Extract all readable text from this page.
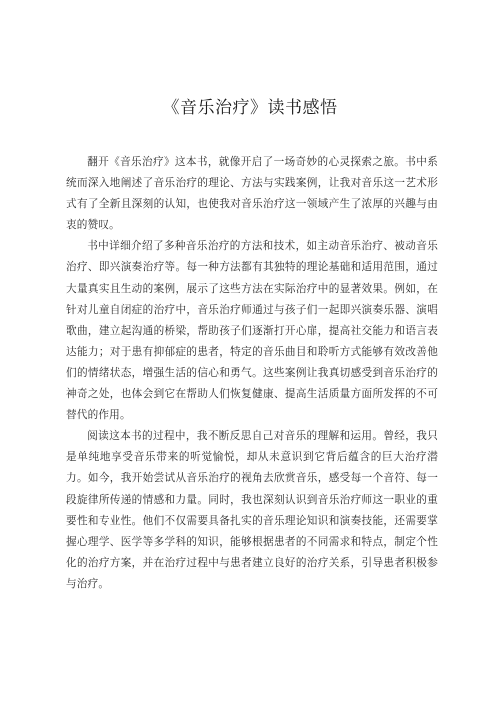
《音乐治疗》读书感悟

翻开《音乐治疗》这本书，就像开启了一场奇妙的心灵探索之旅。书中系统而深入地阐述了音乐治疗的理论、方法与实践案例，让我对音乐这一艺术形式有了全新且深刻的认知，也使我对音乐治疗这一领域产生了浓厚的兴趣与由衷的赞叹。

书中详细介绍了多种音乐治疗的方法和技术，如主动音乐治疗、被动音乐治疗、即兴演奏治疗等。每一种方法都有其独特的理论基础和适用范围，通过大量真实且生动的案例，展示了这些方法在实际治疗中的显著效果。例如，在针对儿童自闭症的治疗中，音乐治疗师通过与孩子们一起即兴演奏乐器、演唱歌曲，建立起沟通的桥梁，帮助孩子们逐渐打开心扉，提高社交能力和语言表达能力；对于患有抑郁症的患者，特定的音乐曲目和聆听方式能够有效改善他们的情绪状态，增强生活的信心和勇气。这些案例让我真切感受到音乐治疗的神奇之处，也体会到它在帮助人们恢复健康、提高生活质量方面所发挥的不可替代的作用。

阅读这本书的过程中，我不断反思自己对音乐的理解和运用。曾经，我只是单纯地享受音乐带来的听觉愉悦，却从未意识到它背后蕴含的巨大治疗潜力。如今，我开始尝试从音乐治疗的视角去欣赏音乐，感受每一个音符、每一段旋律所传递的情感和力量。同时，我也深刻认识到音乐治疗师这一职业的重要性和专业性。他们不仅需要具备扎实的音乐理论知识和演奏技能，还需要掌握心理学、医学等多学科的知识，能够根据患者的不同需求和特点，制定个性化的治疗方案，并在治疗过程中与患者建立良好的治疗关系，引导患者积极参与治疗。
